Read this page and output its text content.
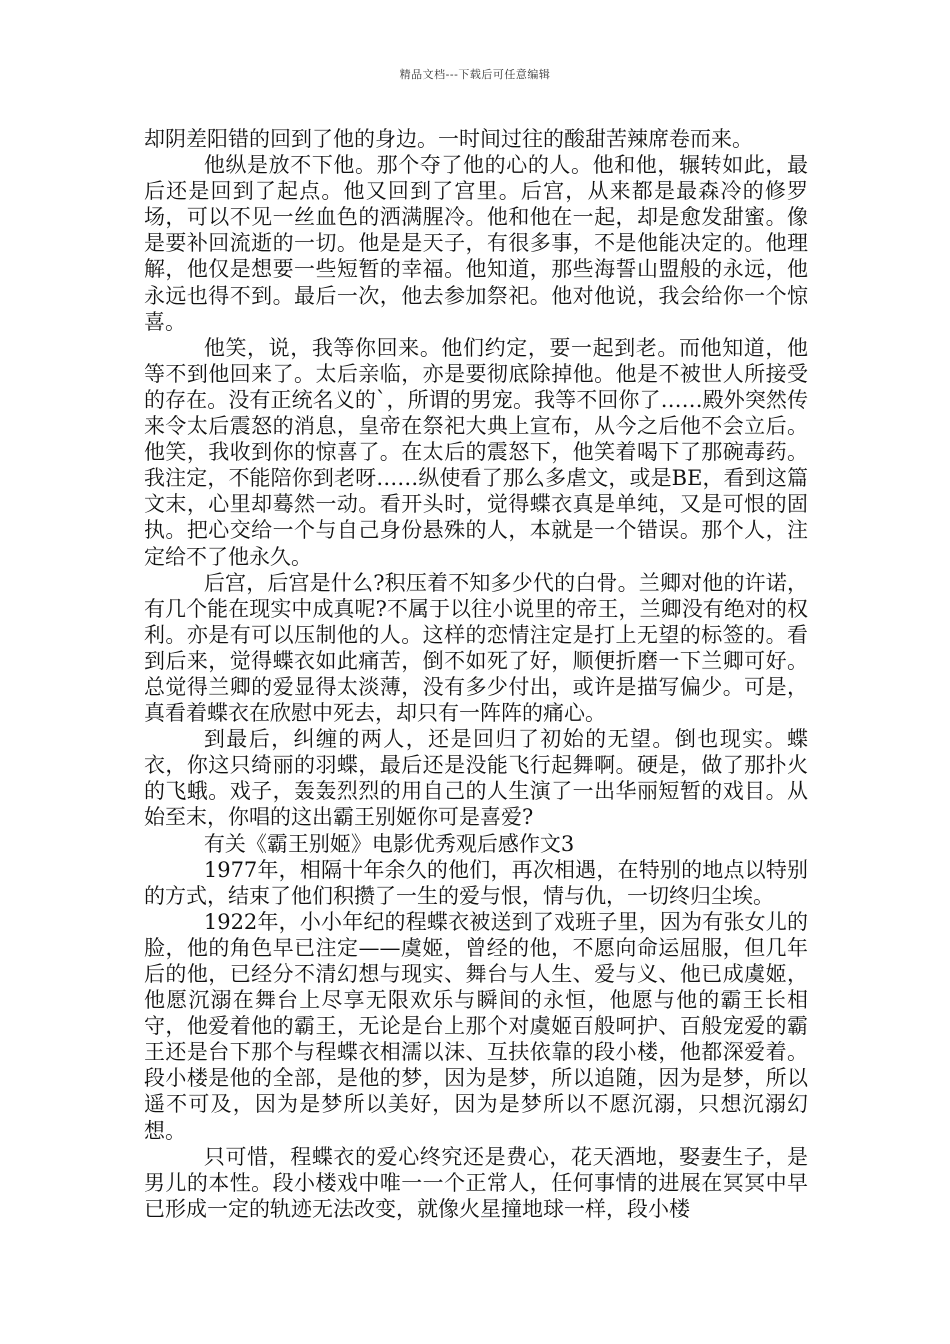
精品文档---下载后可任意编辑

却阴差阳错的回到了他的身边。一时间过往的酸甜苦辣席卷而来。

他纵是放不下他。那个夺了他的心的人。他和他，辗转如此，最后还是回到了起点。他又回到了宫里。后宫，从来都是最森冷的修罗场，可以不见一丝血色的洒满腥冷。他和他在一起，却是愈发甜蜜。像是要补回流逝的一切。他是是天子，有很多事，不是他能决定的。他理解，他仅是想要一些短暂的幸福。他知道，那些海誓山盟般的永远，他永远也得不到。最后一次，他去参加祭祀。他对他说，我会给你一个惊喜。

他笑，说，我等你回来。他们约定，要一起到老。而他知道，他等不到他回来了。太后亲临，亦是要彻底除掉他。他是不被世人所接受的存在。没有正统名义的ˋ，所谓的男宠。我等不回你了……殿外突然传来令太后震怒的消息，皇帝在祭祀大典上宣布，从今之后他不会立后。他笑，我收到你的惊喜了。在太后的震怒下，他笑着喝下了那碗毒药。我注定，不能陪你到老呀……纵使看了那么多虐文，或是BE，看到这篇文末，心里却蓦然一动。看开头时，觉得蝶衣真是单纯，又是可恨的固执。把心交给一个与自己身份悬殊的人，本就是一个错误。那个人，注定给不了他永久。

后宫，后宫是什么?积压着不知多少代的白骨。兰卿对他的许诺，有几个能在现实中成真呢?不属于以往小说里的帝王，兰卿没有绝对的权利。亦是有可以压制他的人。这样的恋情注定是打上无望的标签的。看到后来，觉得蝶衣如此痛苦，倒不如死了好，顺便折磨一下兰卿可好。总觉得兰卿的爱显得太淡薄，没有多少付出，或许是描写偏少。可是，真看着蝶衣在欣慰中死去，却只有一阵阵的痛心。

到最后，纠缠的两人，还是回归了初始的无望。倒也现实。蝶衣，你这只绮丽的羽蝶，最后还是没能飞行起舞啊。硬是，做了那扑火的飞蛾。戏子，轰轰烈烈的用自己的人生演了一出华丽短暂的戏目。从始至末，你唱的这出霸王别姬你可是喜爱?

有关《霸王别姬》电影优秀观后感作文3

1977年，相隔十年余久的他们，再次相遇，在特别的地点以特别的方式，结束了他们积攒了一生的爱与恨，情与仇，一切终归尘埃。

1922年，小小年纪的程蝶衣被送到了戏班子里，因为有张女儿的脸，他的角色早已注定——虞姬，曾经的他，不愿向命运屈服，但几年后的他，已经分不清幻想与现实、舞台与人生、爱与义、他已成虞姬，他愿沉溺在舞台上尽享无限欢乐与瞬间的永恒，他愿与他的霸王长相守，他爱着他的霸王，无论是台上那个对虞姬百般呵护、百般宠爱的霸王还是台下那个与程蝶衣相濡以沫、互扶依靠的段小楼，他都深爱着。段小楼是他的全部，是他的梦，因为是梦，所以追随，因为是梦，所以遥不可及，因为是梦所以美好，因为是梦所以不愿沉溺，只想沉溺幻想。

只可惜，程蝶衣的爱心终究还是费心，花天酒地，娶妻生子，是男儿的本性。段小楼戏中唯一一个正常人，任何事情的进展在冥冥中早已形成一定的轨迹无法改变，就像火星撞地球一样，段小楼
